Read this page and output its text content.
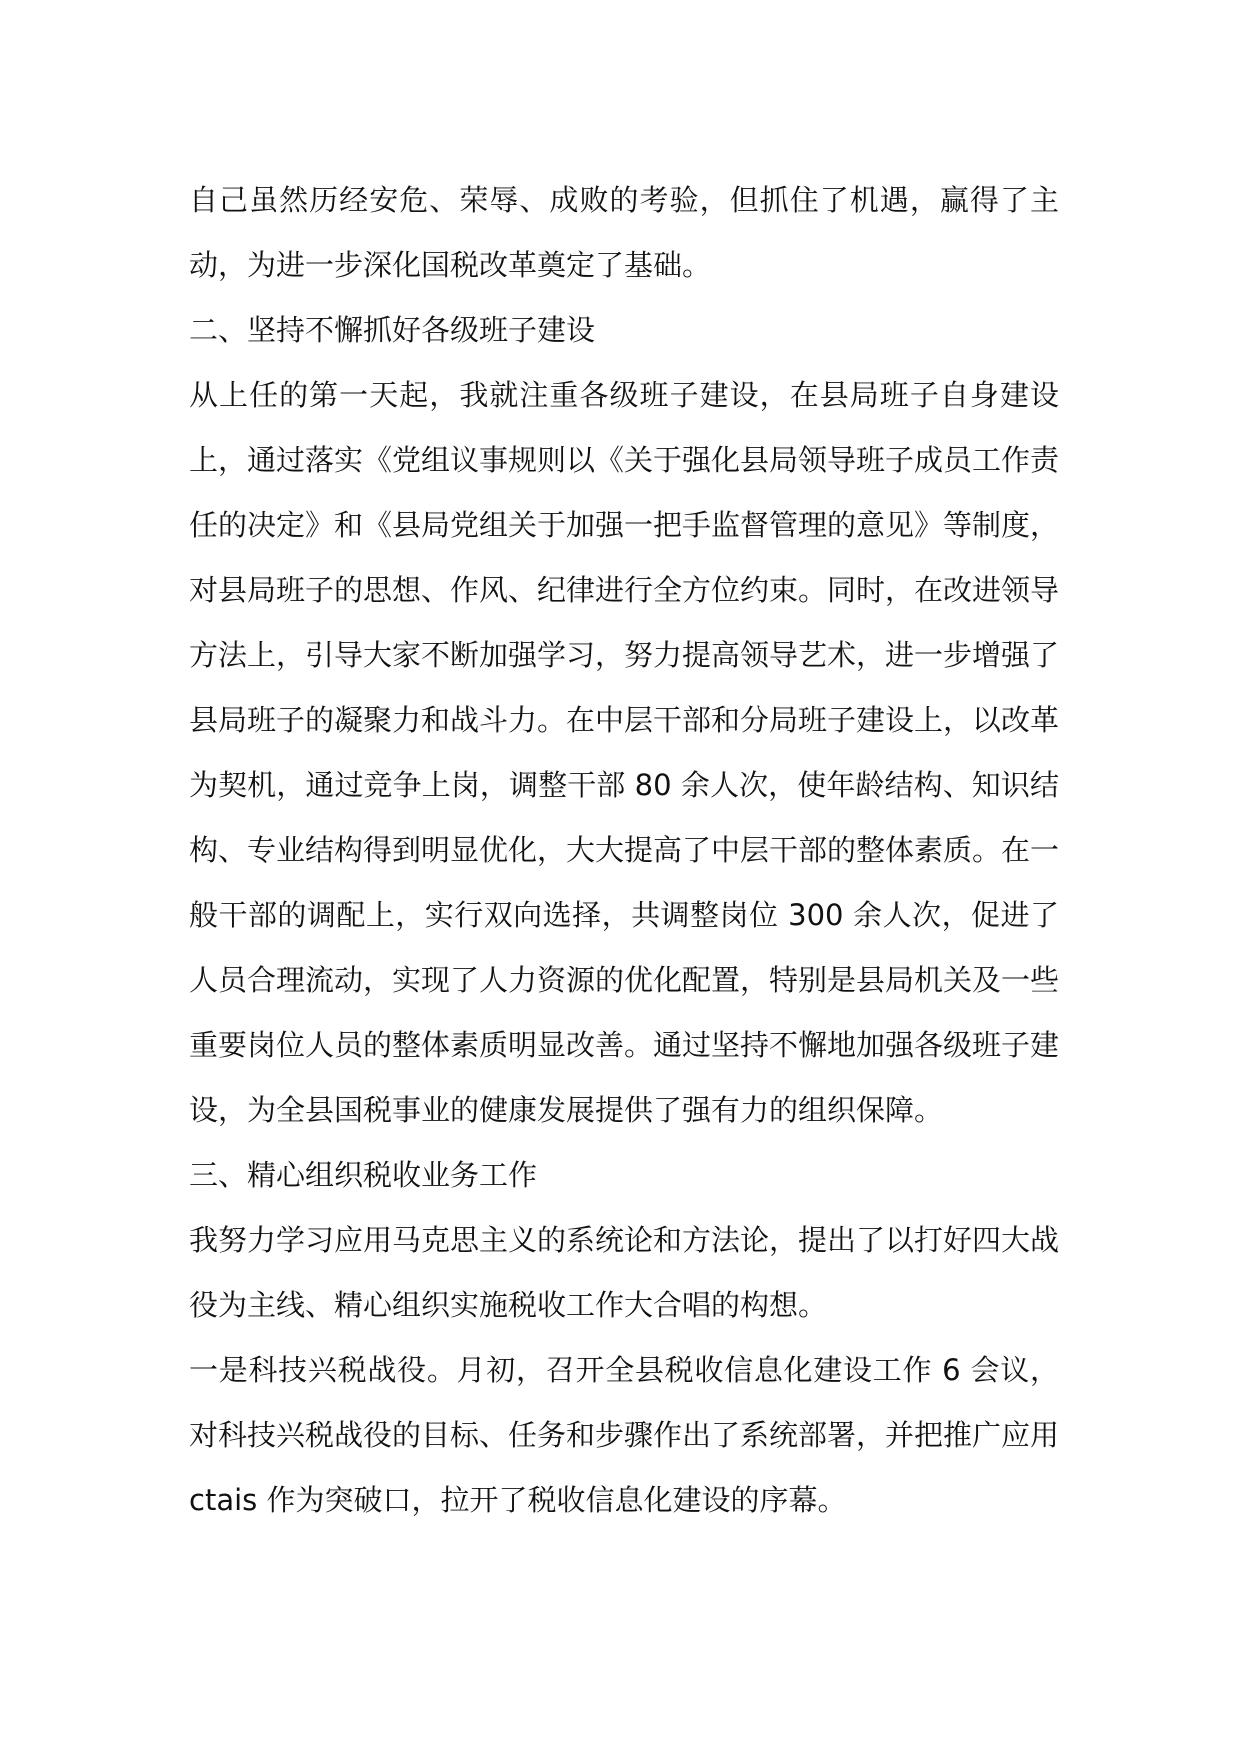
自己虽然历经安危、荣辱、成败的考验，但抓住了机遇，赢得了主动，为进一步深化国税改革奠定了基础。

二、坚持不懈抓好各级班子建设

从上任的第一天起，我就注重各级班子建设，在县局班子自身建设上，通过落实《党组议事规则以《关于强化县局领导班子成员工作责任的决定》和《县局党组关于加强一把手监督管理的意见》等制度，对县局班子的思想、作风、纪律进行全方位约束。同时，在改进领导方法上，引导大家不断加强学习，努力提高领导艺术，进一步增强了县局班子的凝聚力和战斗力。在中层干部和分局班子建设上，以改革为契机，通过竞争上岗，调整干部 80 余人次，使年龄结构、知识结构、专业结构得到明显优化，大大提高了中层干部的整体素质。在一般干部的调配上，实行双向选择，共调整岗位 300 余人次，促进了人员合理流动，实现了人力资源的优化配置，特别是县局机关及一些重要岗位人员的整体素质明显改善。通过坚持不懈地加强各级班子建设，为全县国税事业的健康发展提供了强有力的组织保障。

三、精心组织税收业务工作

我努力学习应用马克思主义的系统论和方法论，提出了以打好四大战役为主线、精心组织实施税收工作大合唱的构想。

一是科技兴税战役。月初，召开全县税收信息化建设工作 6 会议，对科技兴税战役的目标、任务和步骤作出了系统部署，并把推广应用 ctais 作为突破口，拉开了税收信息化建设的序幕。
